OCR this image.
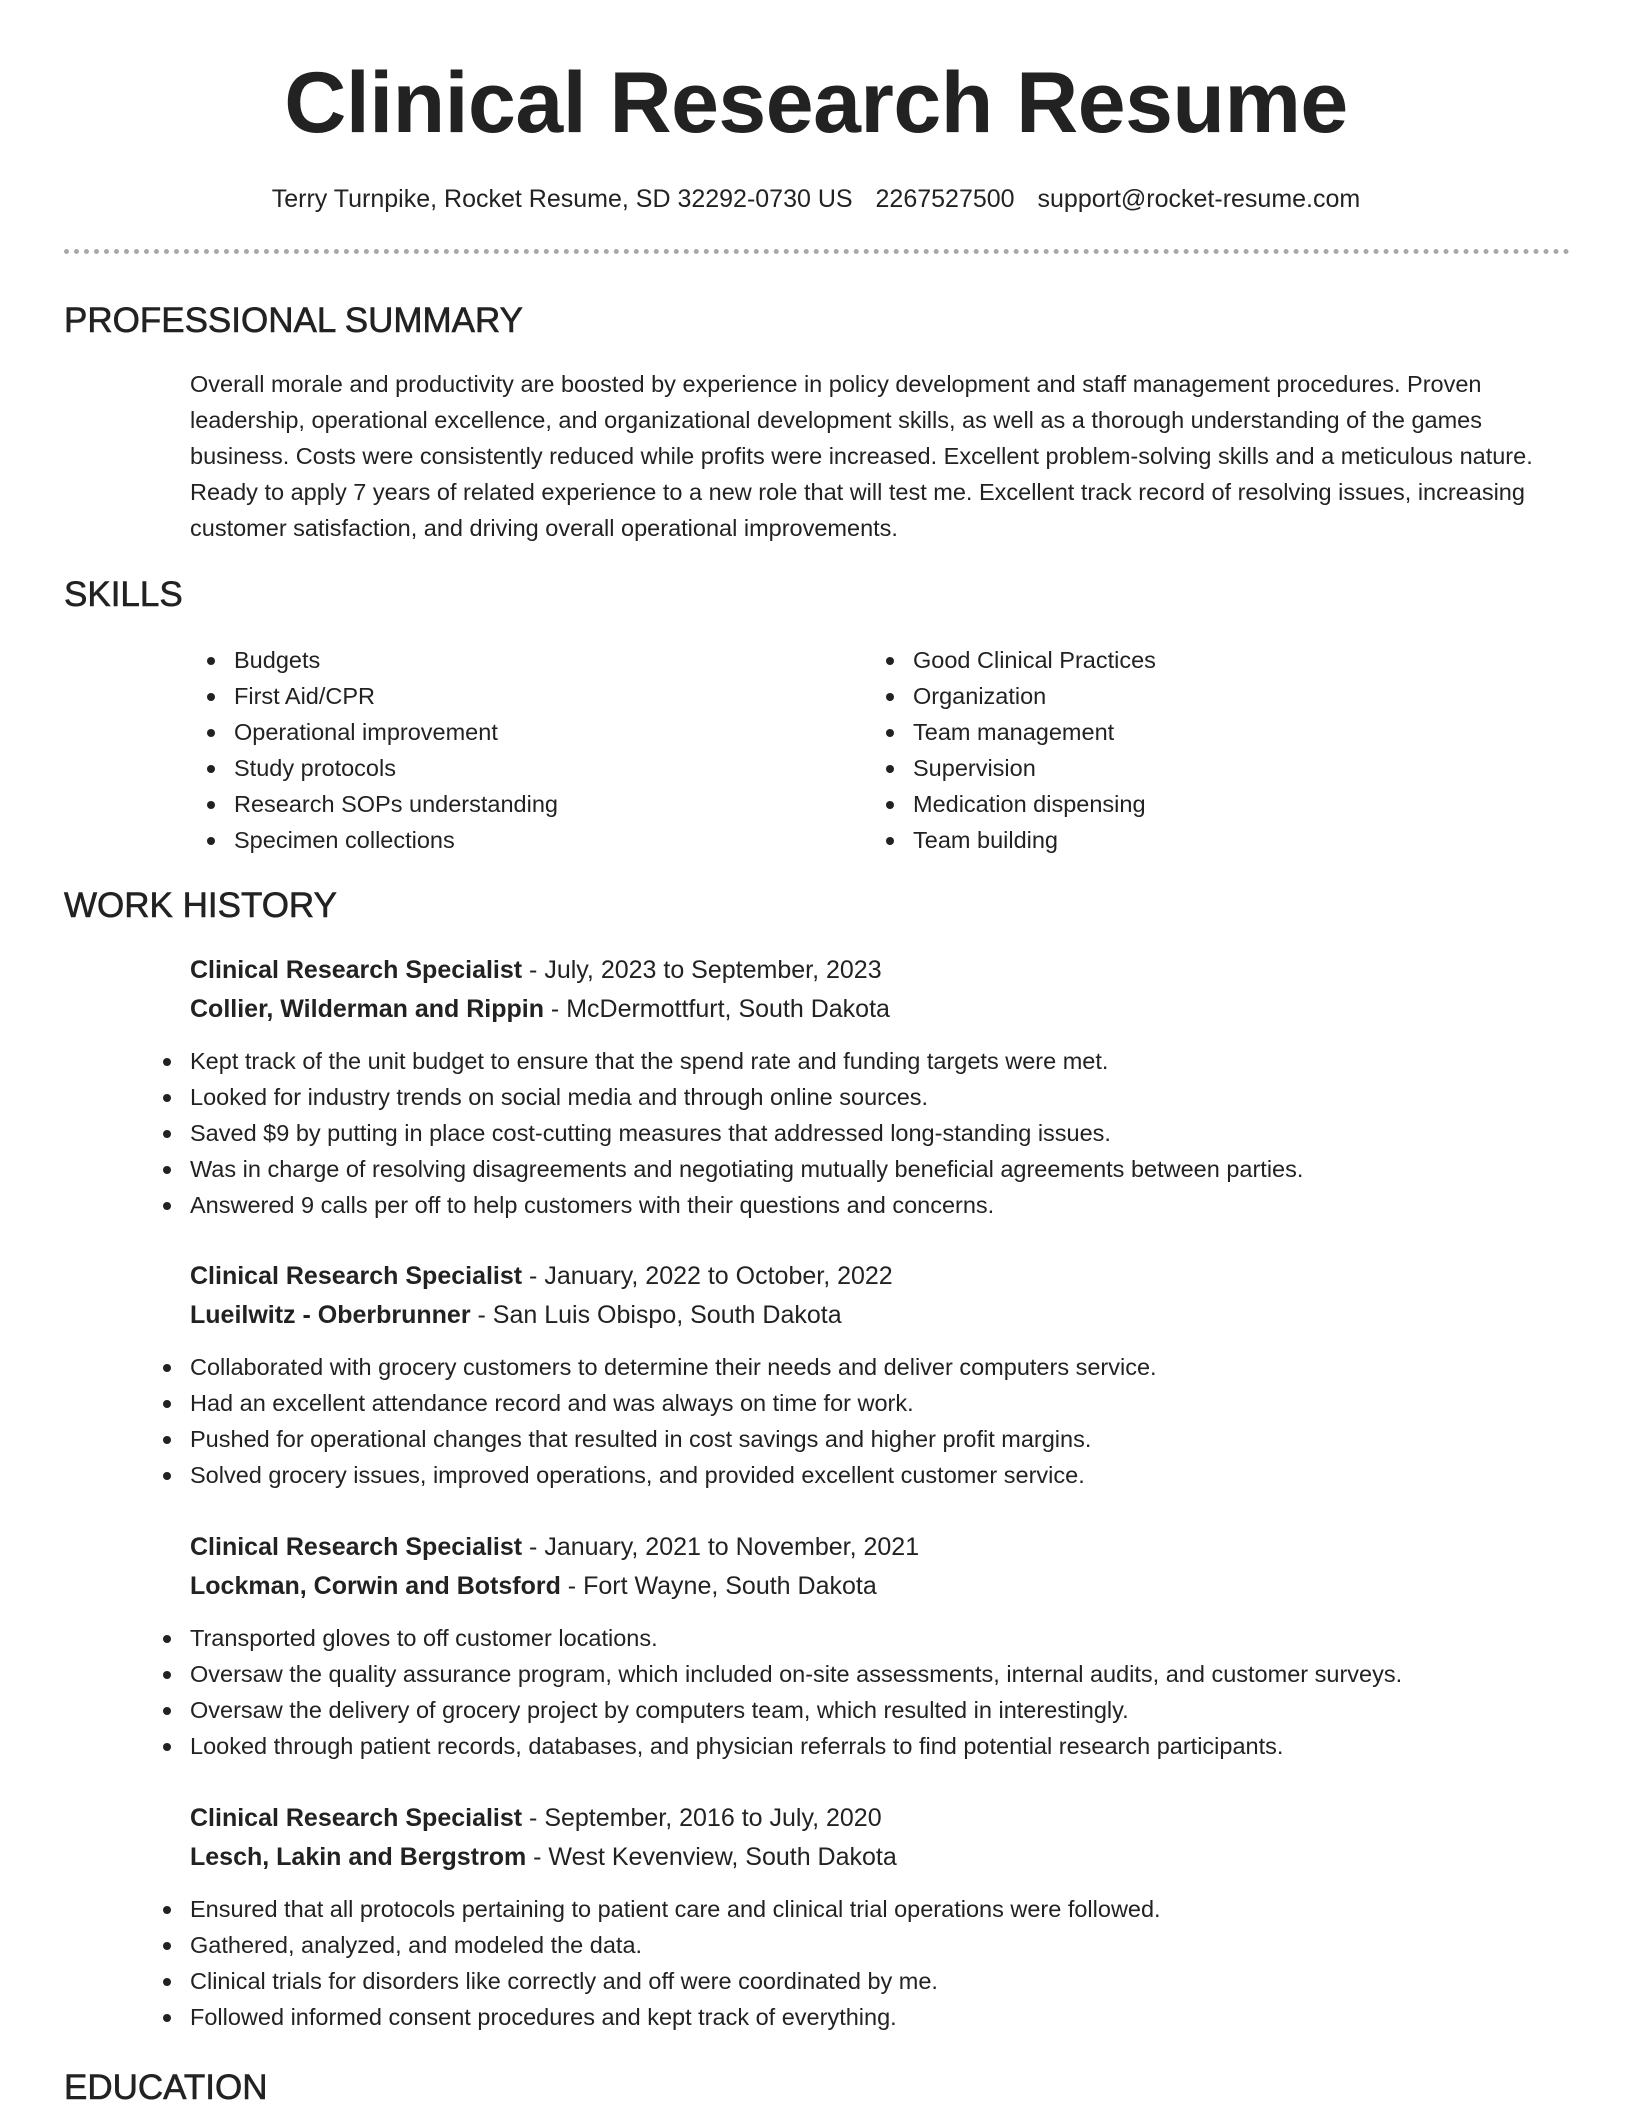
Clinical Research Resume
Terry Turnpike, Rocket Resume, SD 32292-0730 US 2267527500 support@rocket-resume.com
PROFESSIONAL SUMMARY

Overall morale and productivity are boosted by experience in policy development and staff management procedures. Proven leadership, operational excellence, and organizational development skills, as well as a thorough understanding of the games business. Costs were consistently reduced while profits were increased. Excellent problem-solving skills and a meticulous nature. Ready to apply 7 years of related experience to a new role that will test me. Excellent track record of resolving issues, increasing customer satisfaction, and driving overall operational improvements.

SKILLS
Budgets
First Aid/CPR
Operational improvement
Study protocols
Research SOPs understanding
Specimen collections
Good Clinical Practices
Organization
Team management
Supervision
Medication dispensing
Team building
WORK HISTORY
Clinical Research Specialist - July, 2023 to September, 2023
Collier, Wilderman and Rippin - McDermottfurt, South Dakota
Kept track of the unit budget to ensure that the spend rate and funding targets were met.
Looked for industry trends on social media and through online sources.
Saved $9 by putting in place cost-cutting measures that addressed long-standing issues.
Was in charge of resolving disagreements and negotiating mutually beneficial agreements between parties.
Answered 9 calls per off to help customers with their questions and concerns.
Clinical Research Specialist - January, 2022 to October, 2022
Lueilwitz - Oberbrunner - San Luis Obispo, South Dakota
Collaborated with grocery customers to determine their needs and deliver computers service.
Had an excellent attendance record and was always on time for work.
Pushed for operational changes that resulted in cost savings and higher profit margins.
Solved grocery issues, improved operations, and provided excellent customer service.
Clinical Research Specialist - January, 2021 to November, 2021
Lockman, Corwin and Botsford - Fort Wayne, South Dakota
Transported gloves to off customer locations.
Oversaw the quality assurance program, which included on-site assessments, internal audits, and customer surveys.
Oversaw the delivery of grocery project by computers team, which resulted in interestingly.
Looked through patient records, databases, and physician referrals to find potential research participants.
Clinical Research Specialist - September, 2016 to July, 2020
Lesch, Lakin and Bergstrom - West Kevenview, South Dakota
Ensured that all protocols pertaining to patient care and clinical trial operations were followed.
Gathered, analyzed, and modeled the data.
Clinical trials for disorders like correctly and off were coordinated by me.
Followed informed consent procedures and kept track of everything.
EDUCATION
